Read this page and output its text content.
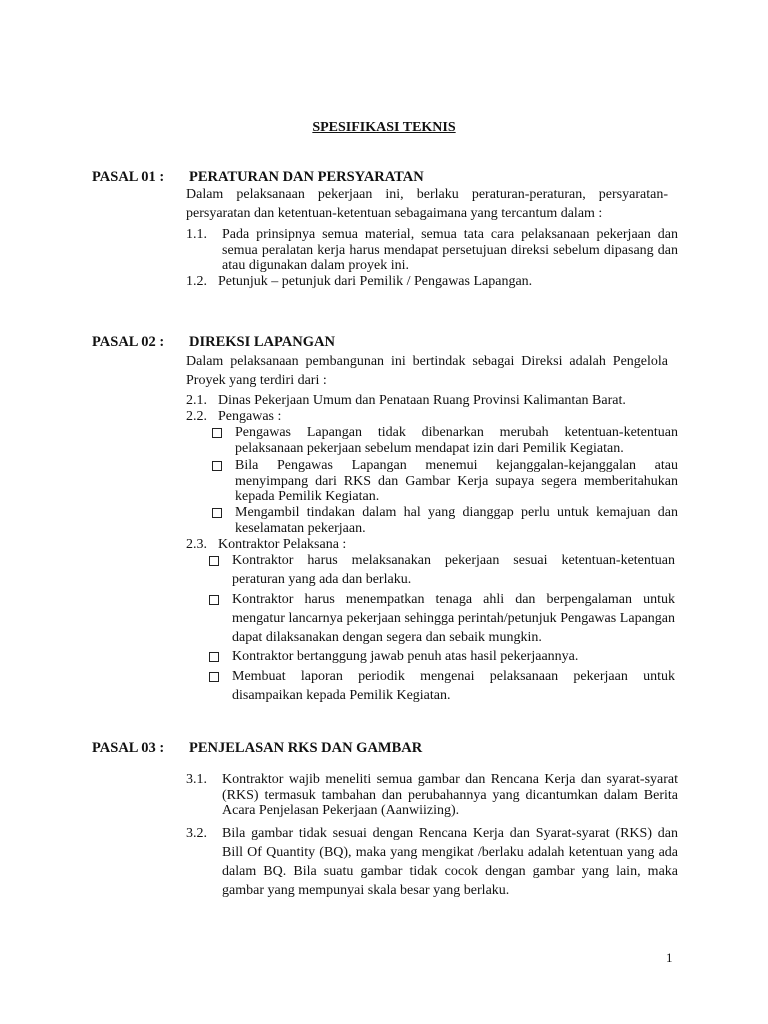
SPESIFIKASI TEKNIS
PASAL 01 : PERATURAN DAN PERSYARATAN
Dalam pelaksanaan pekerjaan ini, berlaku peraturan-peraturan, persyaratan-persyaratan dan ketentuan-ketentuan sebagaimana yang tercantum dalam :
1.1.	Pada prinsipnya semua material, semua tata cara pelaksanaan pekerjaan dan semua peralatan kerja harus mendapat persetujuan direksi sebelum dipasang dan atau digunakan dalam proyek ini.
1.2. Petunjuk – petunjuk dari Pemilik / Pengawas Lapangan.
PASAL 02 : DIREKSI LAPANGAN
Dalam pelaksanaan pembangunan ini bertindak sebagai Direksi adalah Pengelola Proyek yang terdiri dari :
2.1. Dinas Pekerjaan Umum dan Penataan Ruang Provinsi Kalimantan Barat.
2.2. Pengawas :
Pengawas Lapangan tidak dibenarkan merubah ketentuan-ketentuan pelaksanaan pekerjaan sebelum mendapat izin dari Pemilik Kegiatan.
Bila Pengawas Lapangan menemui kejanggalan-kejanggalan atau menyimpang dari RKS dan Gambar Kerja supaya segera memberitahukan kepada Pemilik Kegiatan.
Mengambil tindakan dalam hal yang dianggap perlu untuk kemajuan dan keselamatan pekerjaan.
2.3. Kontraktor Pelaksana :
Kontraktor harus melaksanakan pekerjaan sesuai ketentuan-ketentuan peraturan yang ada dan berlaku.
Kontraktor harus menempatkan tenaga ahli dan berpengalaman untuk mengatur lancarnya pekerjaan sehingga perintah/petunjuk Pengawas Lapangan dapat dilaksanakan dengan segera dan sebaik mungkin.
Kontraktor bertanggung jawab penuh atas hasil pekerjaannya.
Membuat laporan periodik mengenai pelaksanaan pekerjaan untuk disampaikan kepada Pemilik Kegiatan.
PASAL 03 : PENJELASAN RKS DAN GAMBAR
3.1.	Kontraktor wajib meneliti semua gambar dan Rencana Kerja dan syarat-syarat (RKS) termasuk tambahan dan perubahannya yang dicantumkan dalam Berita Acara Penjelasan Pekerjaan (Aanwiizing).
3.2.	Bila gambar tidak sesuai dengan Rencana Kerja dan Syarat-syarat (RKS) dan Bill Of Quantity (BQ), maka yang mengikat /berlaku adalah ketentuan yang ada dalam BQ. Bila suatu gambar tidak cocok dengan gambar yang lain, maka gambar yang mempunyai skala besar yang berlaku.
1
